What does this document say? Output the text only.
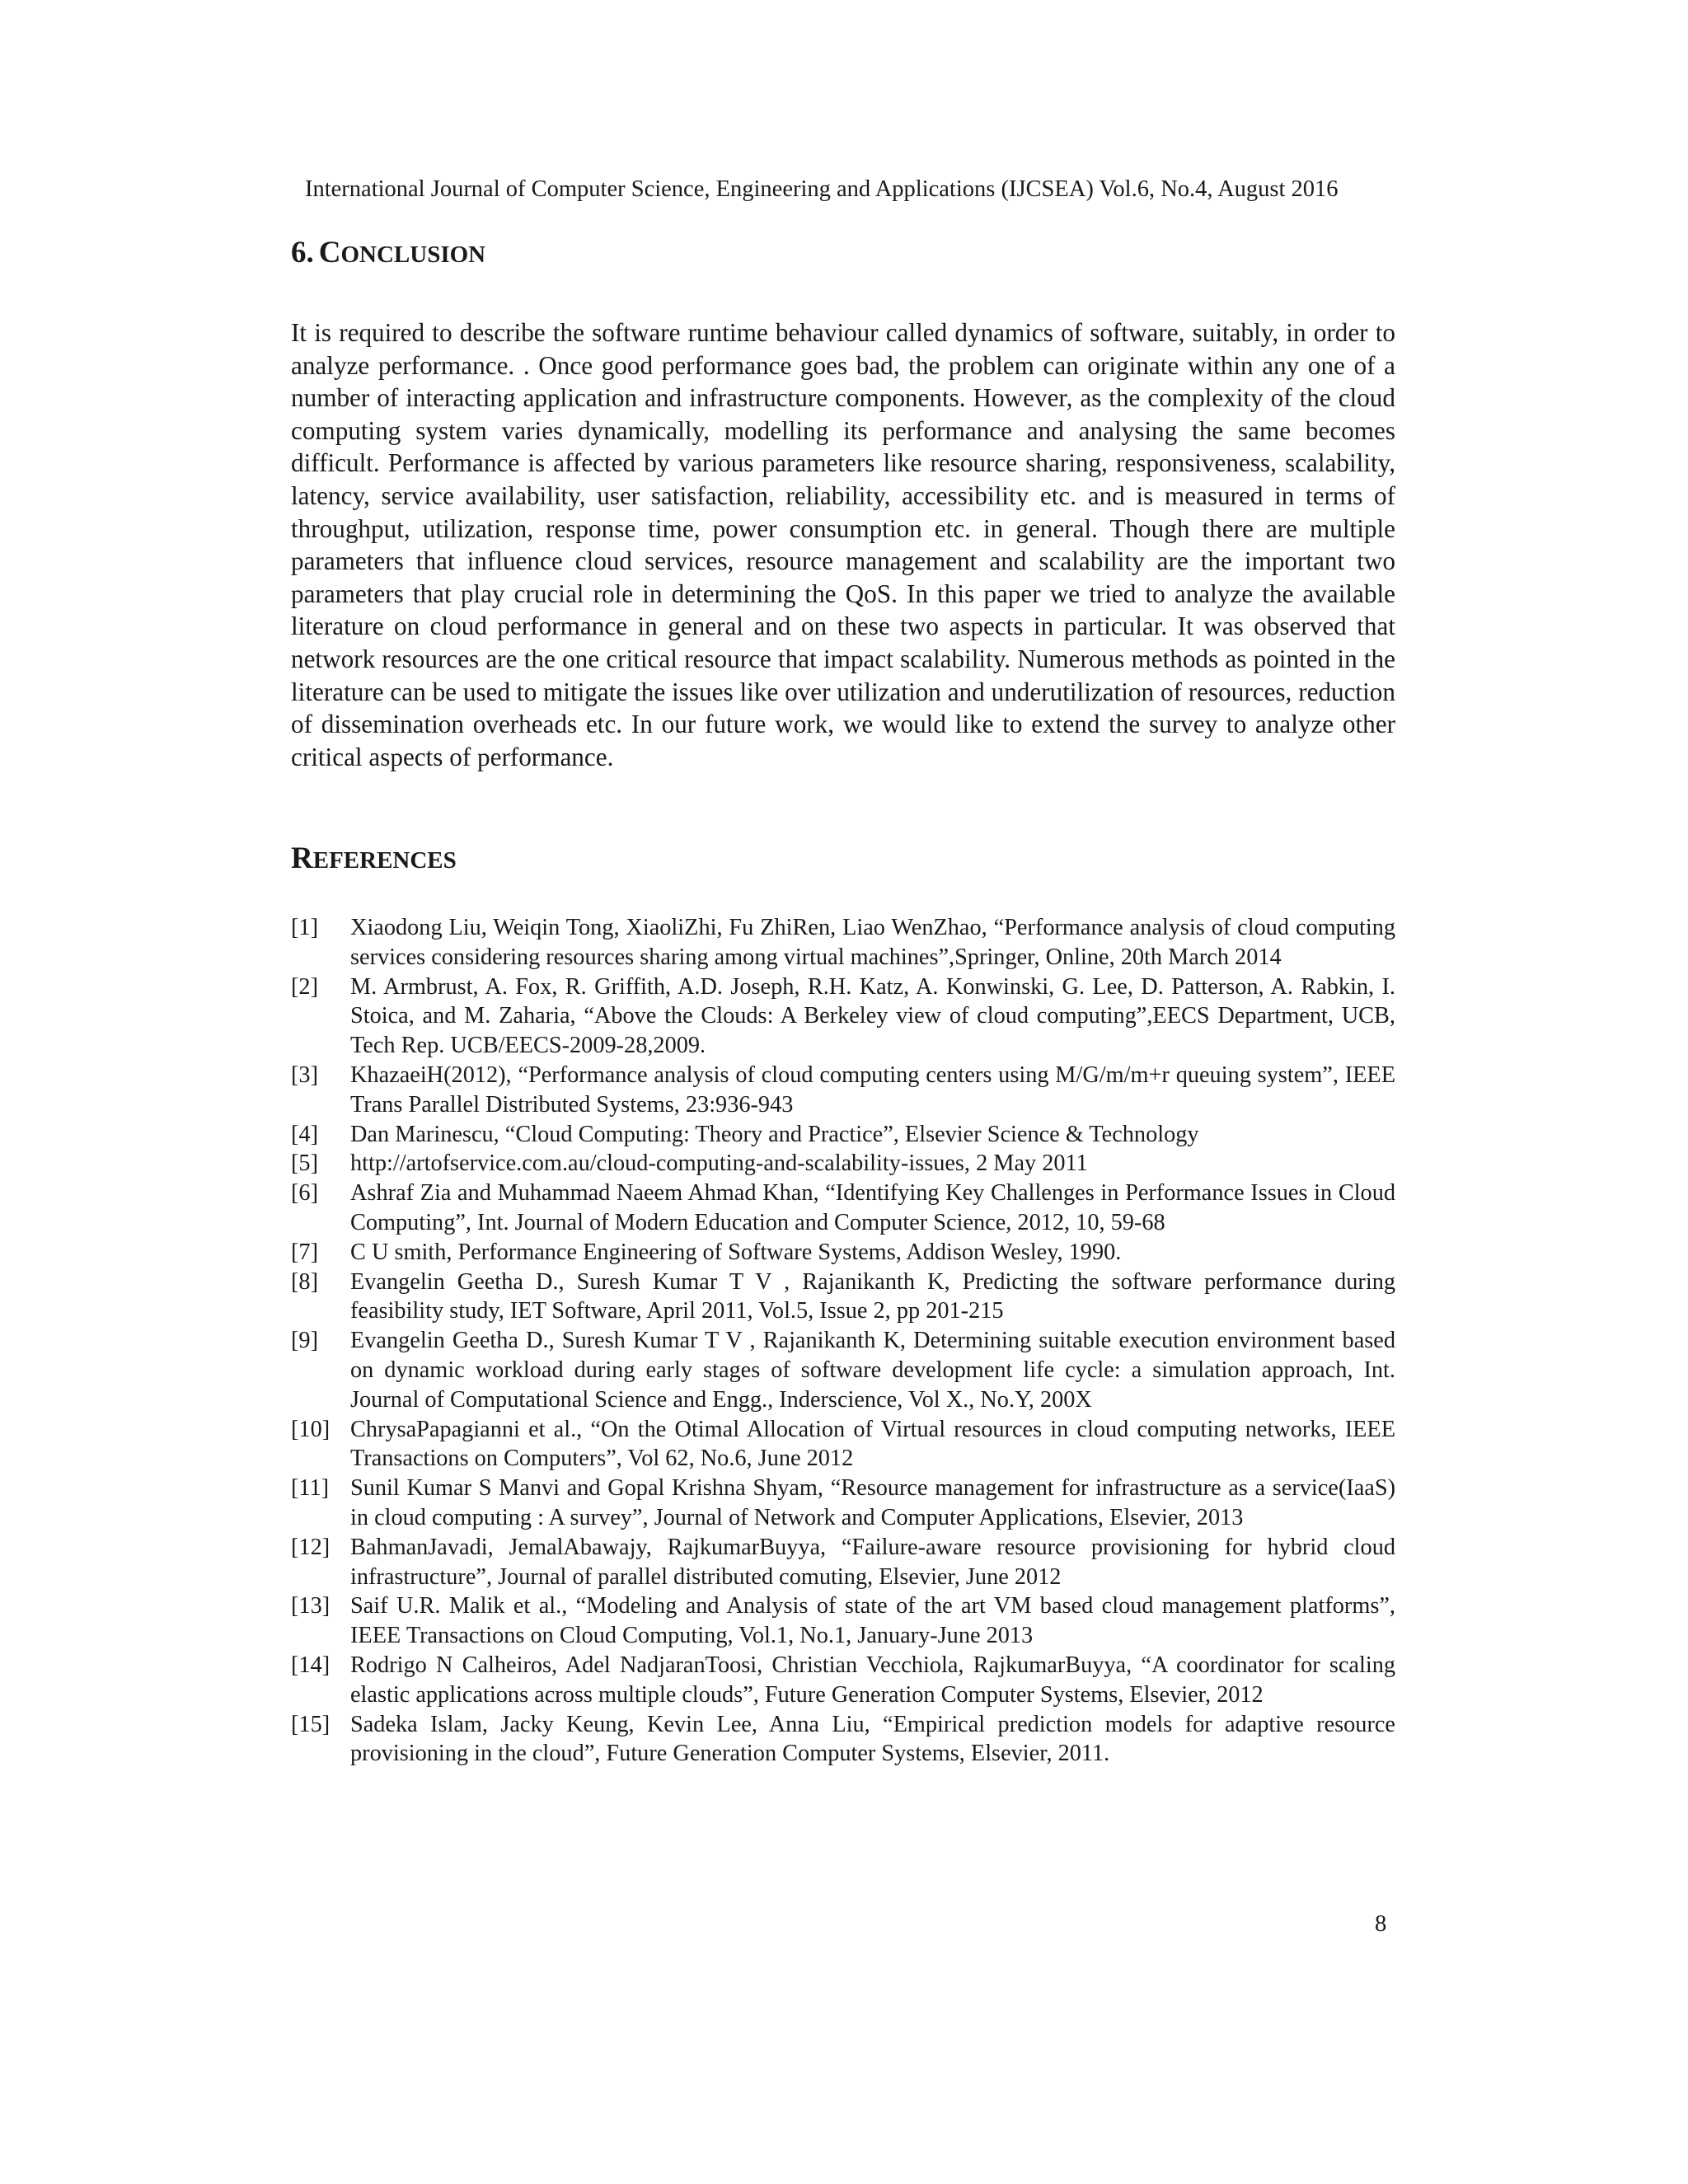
International Journal of Computer Science, Engineering and Applications (IJCSEA) Vol.6, No.4, August 2016
6. CONCLUSION

It is required to describe the software runtime behaviour called dynamics of software, suitably, in order to analyze performance. . Once good performance goes bad, the problem can originate within any one of a number of interacting application and infrastructure components. However, as the complexity of the cloud computing system varies dynamically, modelling its performance and analysing the same becomes difficult. Performance is affected by various parameters like resource sharing, responsiveness, scalability, latency, service availability, user satisfaction, reliability, accessibility etc. and is measured in terms of throughput, utilization, response time, power consumption etc. in general. Though there are multiple parameters that influence cloud services, resource management and scalability are the important two parameters that play crucial role in determining the QoS. In this paper we tried to analyze the available literature on cloud performance in general and on these two aspects in particular. It was observed that network resources are the one critical resource that impact scalability. Numerous methods as pointed in the literature can be used to mitigate the issues like over utilization and underutilization of resources, reduction of dissemination overheads etc. In our future work, we would like to extend the survey to analyze other critical aspects of performance.

REFERENCES
[1]	Xiaodong Liu, Weiqin Tong, XiaoliZhi, Fu ZhiRen, Liao WenZhao, “Performance analysis of cloud computing services considering resources sharing among virtual machines”,Springer, Online, 20th March 2014
[2]	M. Armbrust, A. Fox, R. Griffith, A.D. Joseph, R.H. Katz, A. Konwinski, G. Lee, D. Patterson, A. Rabkin, I. Stoica, and M. Zaharia, “Above the Clouds: A Berkeley view of cloud computing”,EECS Department, UCB, Tech Rep. UCB/EECS-2009-28,2009.
[3]	KhazaeiH(2012), “Performance analysis of cloud computing centers using M/G/m/m+r queuing system”, IEEE Trans Parallel Distributed Systems, 23:936-943
[4]	Dan Marinescu, “Cloud Computing: Theory and Practice”, Elsevier Science & Technology
[5]	http://artofservice.com.au/cloud-computing-and-scalability-issues, 2 May 2011
[6]	Ashraf Zia and Muhammad Naeem Ahmad Khan, “Identifying Key Challenges in Performance Issues in Cloud Computing”, Int. Journal of Modern Education and Computer Science, 2012, 10, 59-68
[7]	C U smith, Performance Engineering of Software Systems, Addison Wesley, 1990.
[8]	Evangelin Geetha D., Suresh Kumar T V , Rajanikanth K, Predicting the software performance during feasibility study, IET Software, April 2011, Vol.5, Issue 2, pp 201-215
[9]	Evangelin Geetha D., Suresh Kumar T V , Rajanikanth K, Determining suitable execution environment based on dynamic workload during early stages of software development life cycle: a simulation approach, Int. Journal of Computational Science and Engg., Inderscience, Vol X., No.Y, 200X
[10] ChrysaPapagianni et al., “On the Otimal Allocation of Virtual resources in cloud computing networks, IEEE Transactions on Computers”, Vol 62, No.6, June 2012
[11] Sunil Kumar S Manvi and Gopal Krishna Shyam, “Resource management for infrastructure as a service(IaaS) in cloud computing : A survey”, Journal of Network and Computer Applications, Elsevier, 2013
[12] BahmanJavadi, JemalAbawajy, RajkumarBuyya, “Failure-aware resource provisioning for hybrid cloud infrastructure”, Journal of parallel distributed comuting, Elsevier, June 2012
[13] Saif U.R. Malik et al., “Modeling and Analysis of state of the art VM based cloud management platforms”, IEEE Transactions on Cloud Computing, Vol.1, No.1, January-June 2013
[14] Rodrigo N Calheiros, Adel NadjaranToosi, Christian Vecchiola, RajkumarBuyya, “A coordinator for scaling elastic applications across multiple clouds”, Future Generation Computer Systems, Elsevier, 2012
[15] Sadeka Islam, Jacky Keung, Kevin Lee, Anna Liu, “Empirical prediction models for adaptive resource provisioning in the cloud”, Future Generation Computer Systems, Elsevier, 2011.
8
